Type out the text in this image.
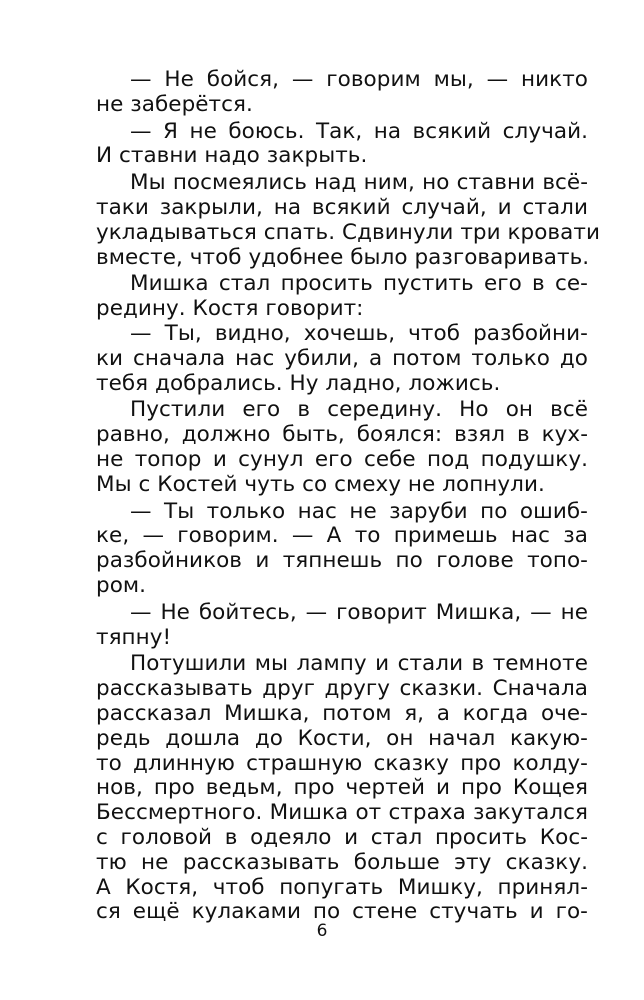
— Не бойся, — говорим мы, — никто
не заберётся.
— Я не боюсь. Так, на всякий случай.
И ставни надо закрыть.
Мы посмеялись над ним, но ставни всё-
таки закрыли, на всякий случай, и стали
укладываться спать. Сдвинули три кровати
вместе, чтоб удобнее было разговаривать.
Мишка стал просить пустить его в се-
редину. Костя говорит:
— Ты, видно, хочешь, чтоб разбойни-
ки сначала нас убили, а потом только до
тебя добрались. Ну ладно, ложись.
Пустили его в середину. Но он всё
равно, должно быть, боялся: взял в кух-
не топор и сунул его себе под подушку.
Мы с Костей чуть со смеху не лопнули.
— Ты только нас не заруби по ошиб-
ке, — говорим. — А то примешь нас за
разбойников и тяпнешь по голове топо-
ром.
— Не бойтесь, — говорит Мишка, — не
тяпну!
Потушили мы лампу и стали в темноте
рассказывать друг другу сказки. Сначала
рассказал Мишка, потом я, а когда оче-
редь дошла до Кости, он начал какую-
то длинную страшную сказку про колду-
нов, про ведьм, про чертей и про Кощея
Бессмертного. Мишка от страха закутался
с головой в одеяло и стал просить Кос-
тю не рассказывать больше эту сказку.
А Костя, чтоб попугать Мишку, принял-
ся ещё кулаками по стене стучать и го-
6
